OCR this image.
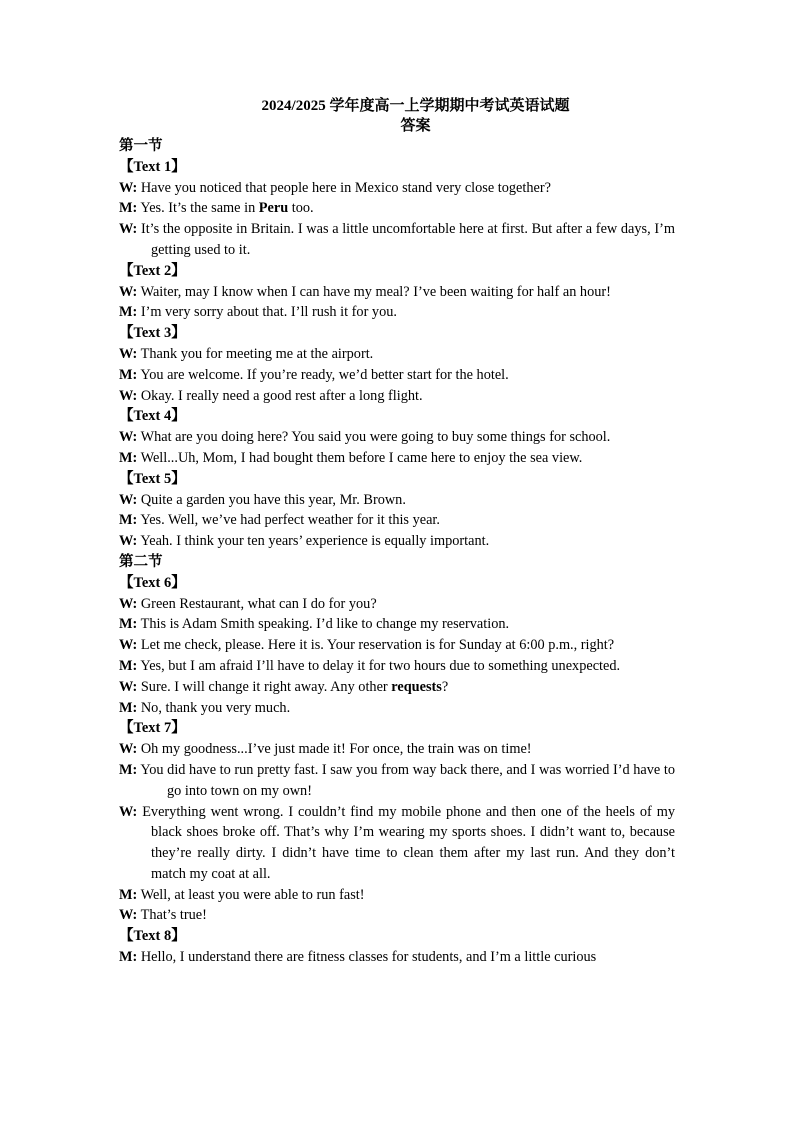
2024/2025 学年度高一上学期期中考试英语试题
答案
第一节
【Text 1】
W: Have you noticed that people here in Mexico stand very close together?
M: Yes. It’s the same in Peru too.
W: It’s the opposite in Britain. I was a little uncomfortable here at first. But after a few days, I’m getting used to it.
【Text 2】
W: Waiter, may I know when I can have my meal? I’ve been waiting for half an hour!
M: I’m very sorry about that. I’ll rush it for you.
【Text 3】
W: Thank you for meeting me at the airport.
M: You are welcome. If you’re ready, we’d better start for the hotel.
W: Okay. I really need a good rest after a long flight.
【Text 4】
W: What are you doing here? You said you were going to buy some things for school.
M: Well...Uh, Mom, I had bought them before I came here to enjoy the sea view.
【Text 5】
W: Quite a garden you have this year, Mr. Brown.
M: Yes. Well, we’ve had perfect weather for it this year.
W: Yeah. I think your ten years’ experience is equally important.
第二节
【Text 6】
W: Green Restaurant, what can I do for you?
M: This is Adam Smith speaking. I’d like to change my reservation.
W: Let me check, please. Here it is. Your reservation is for Sunday at 6:00 p.m., right?
M: Yes, but I am afraid I’ll have to delay it for two hours due to something unexpected.
W: Sure. I will change it right away. Any other requests?
M: No, thank you very much.
【Text 7】
W: Oh my goodness...I’ve just made it! For once, the train was on time!
M: You did have to run pretty fast. I saw you from way back there, and I was worried I’d have togo into town on my own!
W: Everything went wrong. I couldn’t find my mobile phone and then one of the heels of my black shoes broke off. That’s why I’m wearing my sports shoes. I didn’t want to, because they’re really dirty. I didn’t have time to clean them after my last run. And they don’t match my coat at all.
M: Well, at least you were able to run fast!
W: That’s true!
【Text 8】
M: Hello, I understand there are fitness classes for students, and I’m a little curious
